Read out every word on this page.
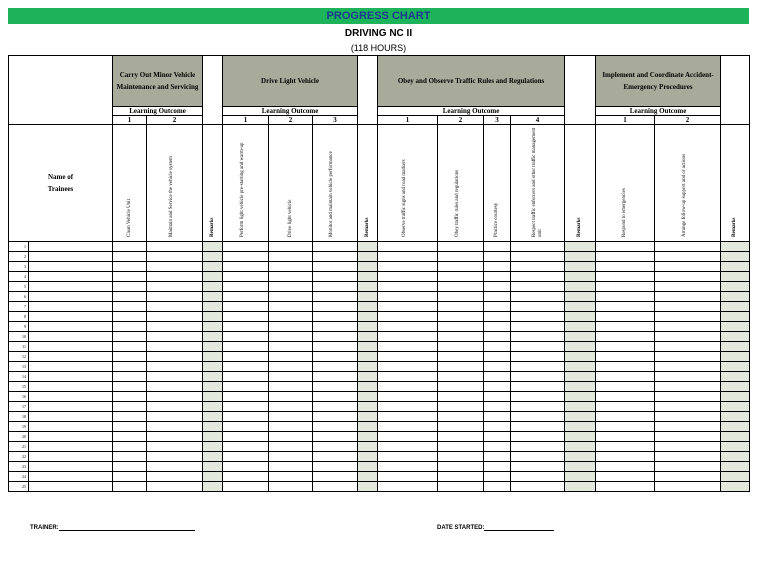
PROGRESS CHART
DRIVING NC II
(118 HOURS)
		Carry Out Minor Vehicle Maintenance and Servicing			Drive Light Vehicle				Obey and Observe Traffic Rules and Regulations					Implement and Coordinate Accident-Emergency Procedures		
		Learning Outcome			Learning Outcome				Learning Outcome					Learning Outcome		
		1	2		1	2	3		1	2	3	4		1	2	
Name of Trainees		Clean Vehicle Unit	Maintain and Service the vehicle system	Remarks	Perform light vehicle pre-starting and warm-up	Drive light vehicle	Monitor and maintain vehicle performance	Remarks	Observe traffic signs and road markers	Obey traffic rules and regulations	Practice courtesy	Respect traffic enforcers and other traffic management unit	Remarks	Respond to emergencies	Arrange follow-up support and or actions	Remarks

1																
2																
3																
4																
5																
6																
7																
8																
9																
10																
11																
12																
13																
14																
15																
16																
17																
18																
19																
20																
21																
22																
23																
24																
25																
TRAINER:	DATE STARTED:
